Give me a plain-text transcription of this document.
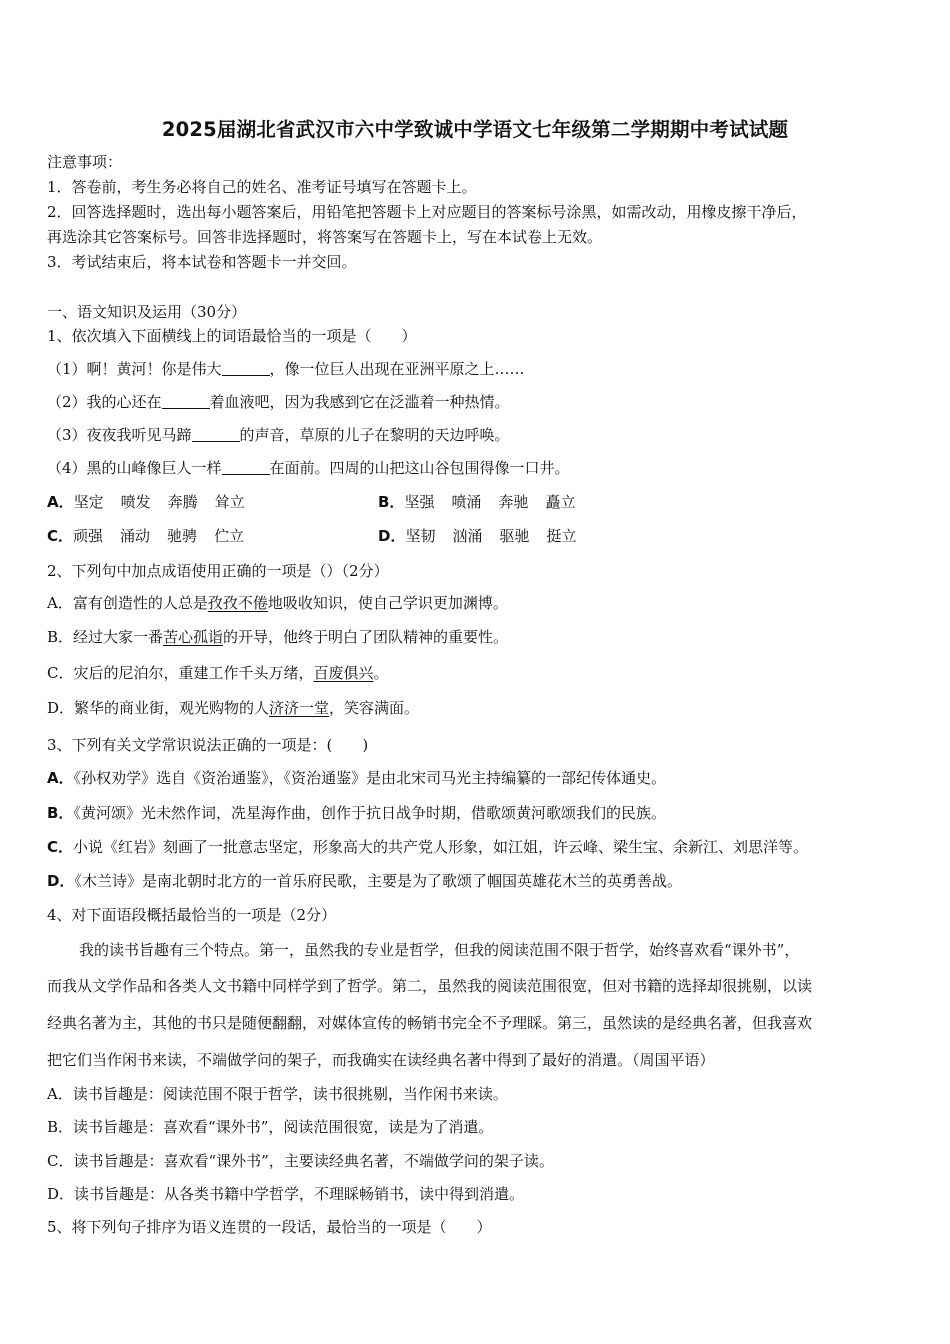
2025届湖北省武汉市六中学致诚中学语文七年级第二学期期中考试试题
注意事项：
1．答卷前，考生务必将自己的姓名、准考证号填写在答题卡上。
2．回答选择题时，选出每小题答案后，用铅笔把答题卡上对应题目的答案标号涂黑，如需改动，用橡皮擦干净后，
再选涂其它答案标号。回答非选择题时，将答案写在答题卡上，写在本试卷上无效。
3．考试结束后，将本试卷和答题卡一并交回。
一、语文知识及运用（30分）
1、依次填入下面横线上的词语最恰当的一项是（　　）
（1）啊！黄河！你是伟大	，像一位巨人出现在亚洲平原之上……
（2）我的心还在	着血液吧，因为我感到它在泛滥着一种热情。
（3）夜夜我听见马蹄	的声音，草原的儿子在黎明的天边呼唤。
（4）黑的山峰像巨人一样	在面前。四周的山把这山谷包围得像一口井。
A．坚定 喷发 奔腾 耸立	B．坚强 喷涌 奔驰 矗立
C．顽强 涌动 驰骋 伫立	D．坚韧 汹涌 驱驰 挺立
2、下列句中加点成语使用正确的一项是（）（2分）
A．富有创造性的人总是孜孜不倦地吸收知识，使自己学识更加渊博。
B．经过大家一番苦心孤诣的开导，他终于明白了团队精神的重要性。
C．灾后的尼泊尔，重建工作千头万绪，百废俱兴。
D．繁华的商业街，观光购物的人济济一堂，笑容满面。
3、下列有关文学常识说法正确的一项是：(　　)
A．《孙权劝学》选自《资治通鉴》，《资治通鉴》是由北宋司马光主持编纂的一部纪传体通史。
B．《黄河颂》光未然作词，冼星海作曲，创作于抗日战争时期，借歌颂黄河歌颂我们的民族。
C．小说《红岩》刻画了一批意志坚定，形象高大的共产党人形象，如江姐，许云峰、梁生宝、余新江、刘思洋等。
D．《木兰诗》是南北朝时北方的一首乐府民歌，主要是为了歌颂了帼国英雄花木兰的英勇善战。
4、对下面语段概括最恰当的一项是（2分）
我的读书旨趣有三个特点。第一，虽然我的专业是哲学，但我的阅读范围不限于哲学，始终喜欢看“课外书”，
而我从文学作品和各类人文书籍中同样学到了哲学。第二，虽然我的阅读范围很宽，但对书籍的选择却很挑剔，以读
经典名著为主，其他的书只是随便翻翻，对媒体宣传的畅销书完全不予理睬。第三，虽然读的是经典名著，但我喜欢
把它们当作闲书来读，不端做学问的架子，而我确实在读经典名著中得到了最好的消遣。（周国平语）
A．读书旨趣是：阅读范围不限于哲学，读书很挑剔，当作闲书来读。
B．读书旨趣是：喜欢看“课外书”，阅读范围很宽，读是为了消遣。
C．读书旨趣是：喜欢看“课外书”，主要读经典名著，不端做学问的架子读。
D．读书旨趣是：从各类书籍中学哲学，不理睬畅销书，读中得到消遣。
5、将下列句子排序为语义连贯的一段话，最恰当的一项是（　　）
